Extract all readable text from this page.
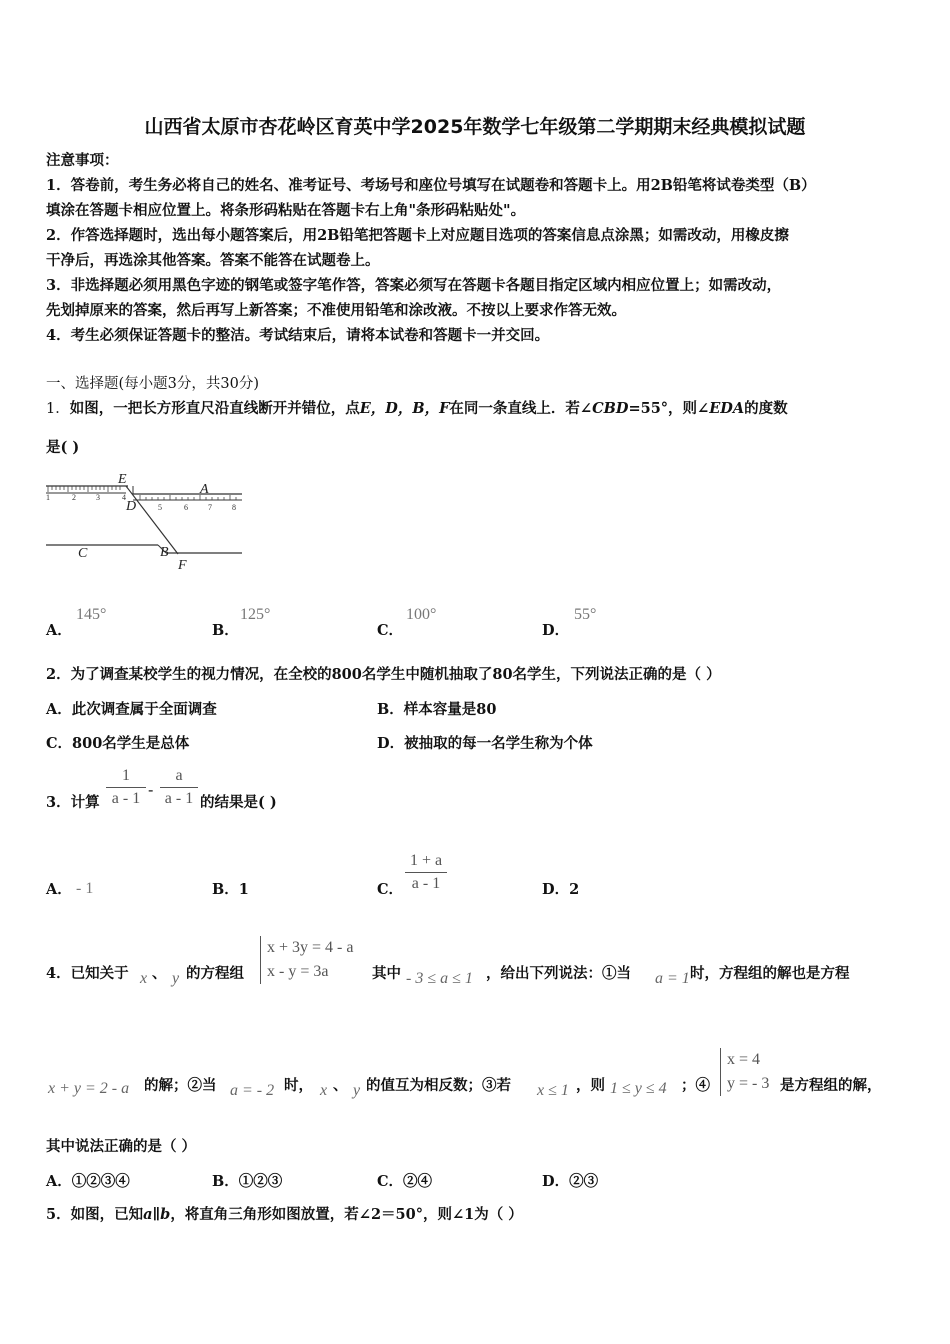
山西省太原市杏花岭区育英中学2025年数学七年级第二学期期末经典模拟试题
注意事项：
1．答卷前，考生务必将自己的姓名、准考证号、考场号和座位号填写在试题卷和答题卡上。用2B铅笔将试卷类型（B）
填涂在答题卡相应位置上。将条形码粘贴在答题卡右上角"条形码粘贴处"。
2．作答选择题时，选出每小题答案后，用2B铅笔把答题卡上对应题目选项的答案信息点涂黑；如需改动，用橡皮擦
干净后，再选涂其他答案。答案不能答在试题卷上。
3．非选择题必须用黑色字迹的钢笔或签字笔作答，答案必须写在答题卡各题目指定区域内相应位置上；如需改动，
先划掉原来的答案，然后再写上新答案；不准使用铅笔和涂改液。不按以上要求作答无效。
4．考生必须保证答题卡的整洁。考试结束后，请将本试卷和答题卡一并交回。
一、选择题(每小题3分，共30分)
1．如图，一把长方形直尺沿直线断开并错位，点E，D，B，F在同一条直线上．若∠CBD=55°，则∠EDA的度数
是( )
1	2	3	4
5	6	7	8
E
A
D
C	B
F
A．
145°
B．
125°
C．
100°
D．
55°
2．为了调查某校学生的视力情况，在全校的800名学生中随机抽取了80名学生，下列说法正确的是（ ）
A．此次调查属于全面调查	B．样本容量是80
C．800名学生是总体	D．被抽取的每一名学生称为个体
3．计算 $\frac{1}{a - 1} - \frac{a}{a - 1}$ 的结果是( )
A． - 1	B．1	C． $\frac{1 + a}{a - 1}$	D．2
4．已知关于 x 、 y 的方程组
x + 3y = 4 - a
x - y = 3a	其中 - 3 ≤ a ≤ 1 ，给出下列说法：①当 a = 1 时，方程组的解也是方程
x + y = 2 - a 的解；②当 a = - 2 时， x 、 y 的值互为相反数；③若 x ≤ 1 ，则 1 ≤ y ≤ 4 ；④
x = 4
y = - 3 是方程组的解，
其中说法正确的是（ ）
A．①②③④	B．①②③	C．②④	D．②③
5．如图，已知a∥b，将直角三角形如图放置，若∠2＝50°，则∠1为（ ）
